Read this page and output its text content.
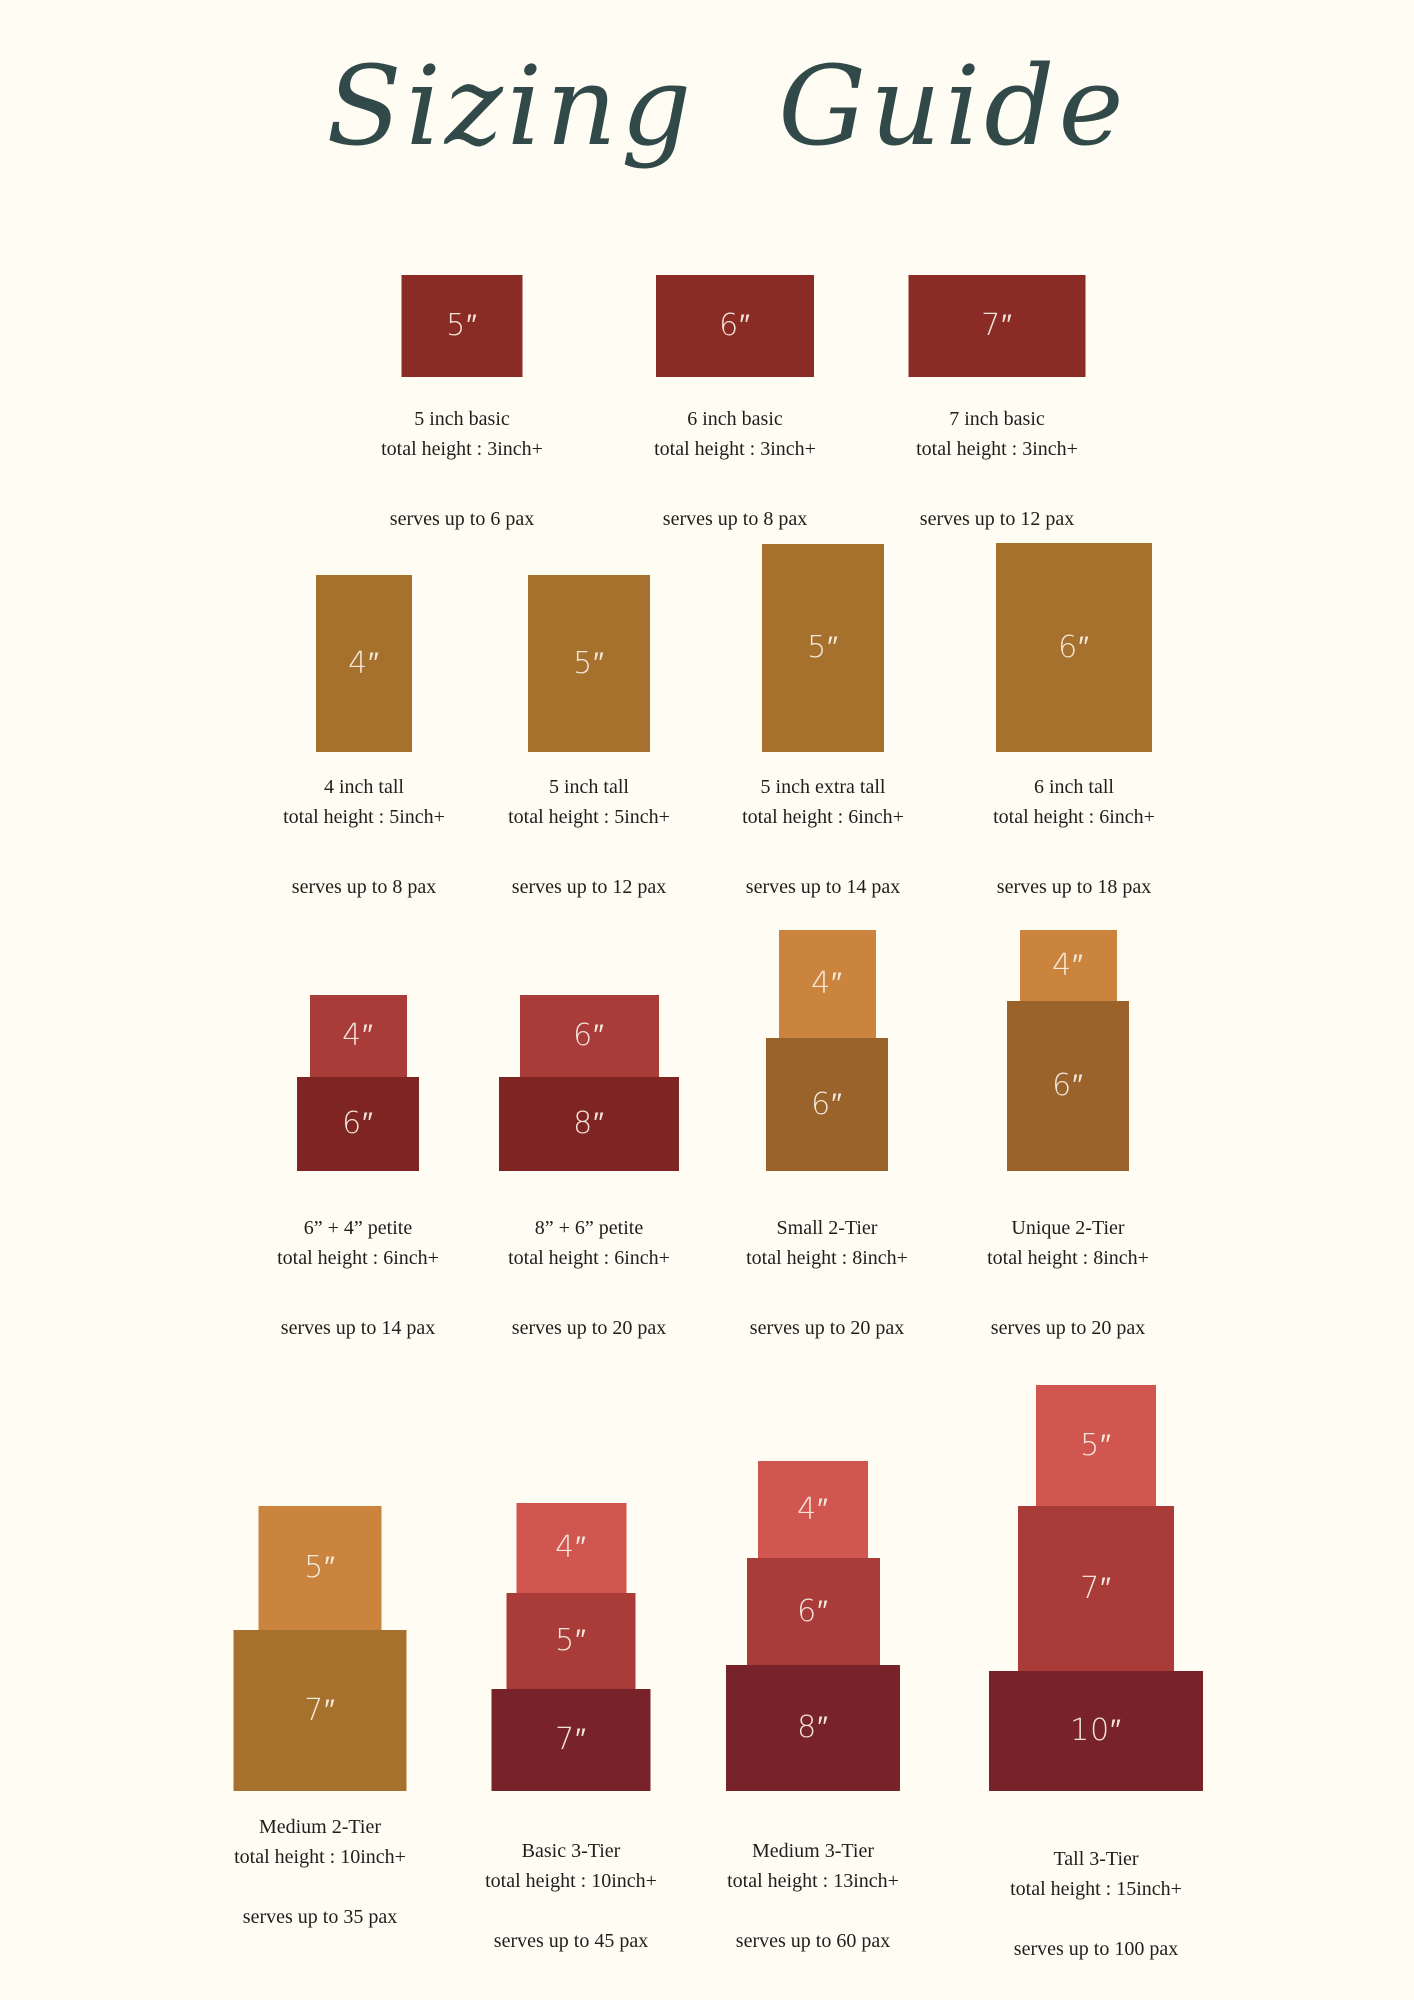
Sizing Guide
5″
5 inch basic
total height : 3inch+
serves up to 6 pax
6″
6 inch basic
total height : 3inch+
serves up to 8 pax
7″
7 inch basic
total height : 3inch+
serves up to 12 pax
4″
4 inch tall
total height : 5inch+
serves up to 8 pax
5″
5 inch tall
total height : 5inch+
serves up to 12 pax
5″
5 inch extra tall
total height : 6inch+
serves up to 14 pax
6″
6 inch tall
total height : 6inch+
serves up to 18 pax
4″
6″
6” + 4” petite
total height : 6inch+
serves up to 14 pax
6″
8″
8” + 6” petite
total height : 6inch+
serves up to 20 pax
4″
6″
Small 2-Tier
total height : 8inch+
serves up to 20 pax
4″
6″
Unique 2-Tier
total height : 8inch+
serves up to 20 pax
5″
7″
Medium 2-Tier
total height : 10inch+
serves up to 35 pax
4″
5″
7″
Basic 3-Tier
total height : 10inch+
serves up to 45 pax
4″
6″
8″
Medium 3-Tier
total height : 13inch+
serves up to 60 pax
5″
7″
10″
Tall 3-Tier
total height : 15inch+
serves up to 100 pax
